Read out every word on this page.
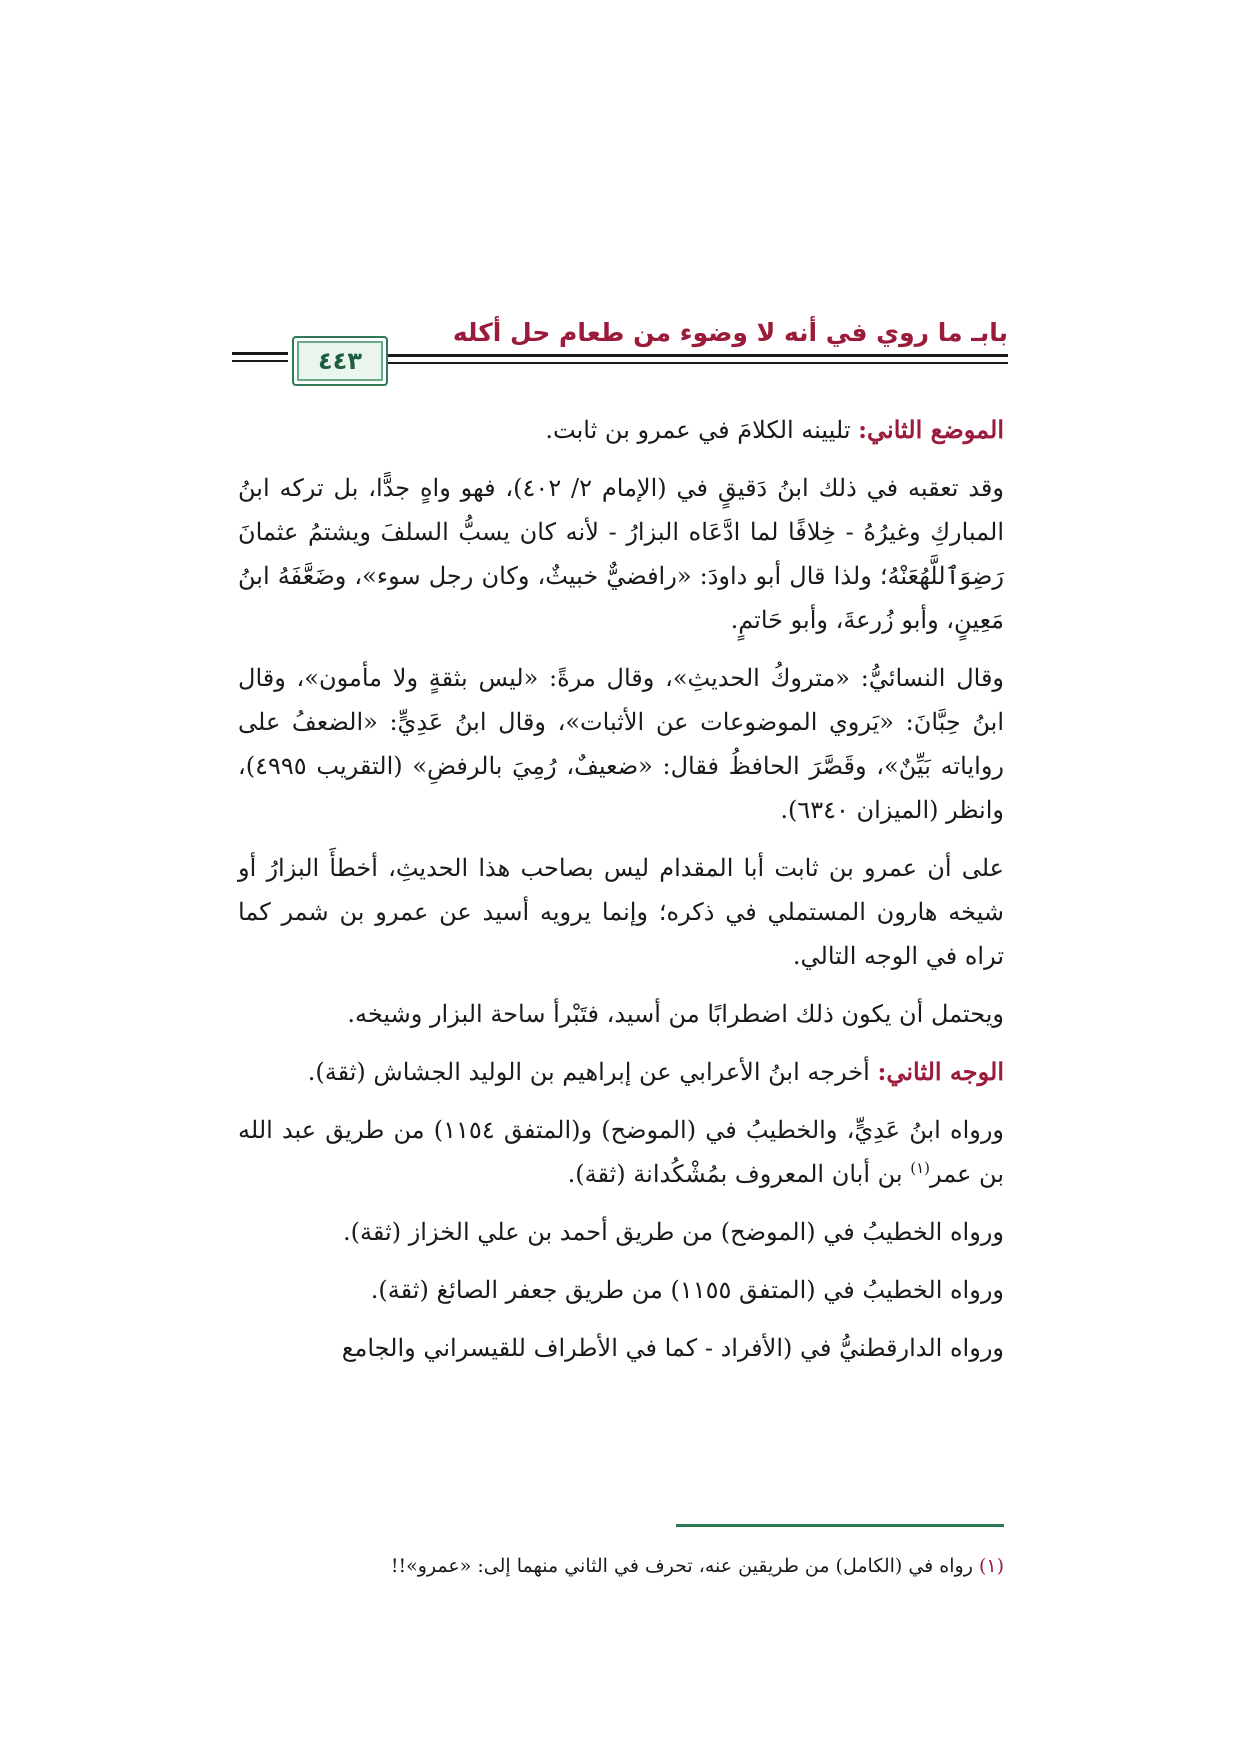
بابـ ما روي في أنه لا وضوء من طعام حل أكله
٤٤٣

الموضع الثاني: تليينه الكلامَ في عمرو بن ثابت.

وقد تعقبه في ذلك ابنُ دَقيقٍ في (الإمام ٢/ ٤٠٢)، فهو واهٍ جدًّا، بل تركه ابنُ المباركِ وغيرُهُ - خِلافًا لما ادَّعَاه البزارُ - لأنه كان يسبُّ السلفَ ويشتمُ عثمانَ رَضِوَٱللَّهُعَنْهُ؛ ولذا قال أبو داودَ: «رافضيٌّ خبيثٌ، وكان رجل سوء»، وضَعَّفَهُ ابنُ مَعِينٍ، وأبو زُرعةَ، وأبو حَاتمٍ.

وقال النسائيُّ: «متروكُ الحديثِ»، وقال مرةً: «ليس بثقةٍ ولا مأمون»، وقال ابنُ حِبَّانَ: «يَروي الموضوعات عن الأثبات»، وقال ابنُ عَدِيٍّ: «الضعفُ على رواياته بَيِّنٌ»، وقَصَّرَ الحافظُ فقال: «ضعيفٌ، رُمِيَ بالرفضِ» (التقريب ٤٩٩٥)، وانظر (الميزان ٦٣٤٠).

على أن عمرو بن ثابت أبا المقدام ليس بصاحب هذا الحديثِ، أخطأَ البزارُ أو شيخه هارون المستملي في ذكره؛ وإنما يرويه أسيد عن عمرو بن شمر كما تراه في الوجه التالي.

ويحتمل أن يكون ذلك اضطرابًا من أسيد، فتَبْرأ ساحة البزار وشيخه.

الوجه الثاني: أخرجه ابنُ الأعرابي عن إبراهيم بن الوليد الجشاش (ثقة).

ورواه ابنُ عَدِيٍّ، والخطيبُ في (الموضح) و(المتفق ١١٥٤) من طريق عبد الله بن عمر$^{(١)}$ بن أبان المعروف بمُشْكُدانة (ثقة).

ورواه الخطيبُ في (الموضح) من طريق أحمد بن علي الخزاز (ثقة).

ورواه الخطيبُ في (المتفق ١١٥٥) من طريق جعفر الصائغ (ثقة).

ورواه الدارقطنيُّ في (الأفراد - كما في الأطراف للقيسراني والجامع

(١) رواه في (الكامل) من طريقين عنه، تحرف في الثاني منهما إلى: «عمرو»!!
